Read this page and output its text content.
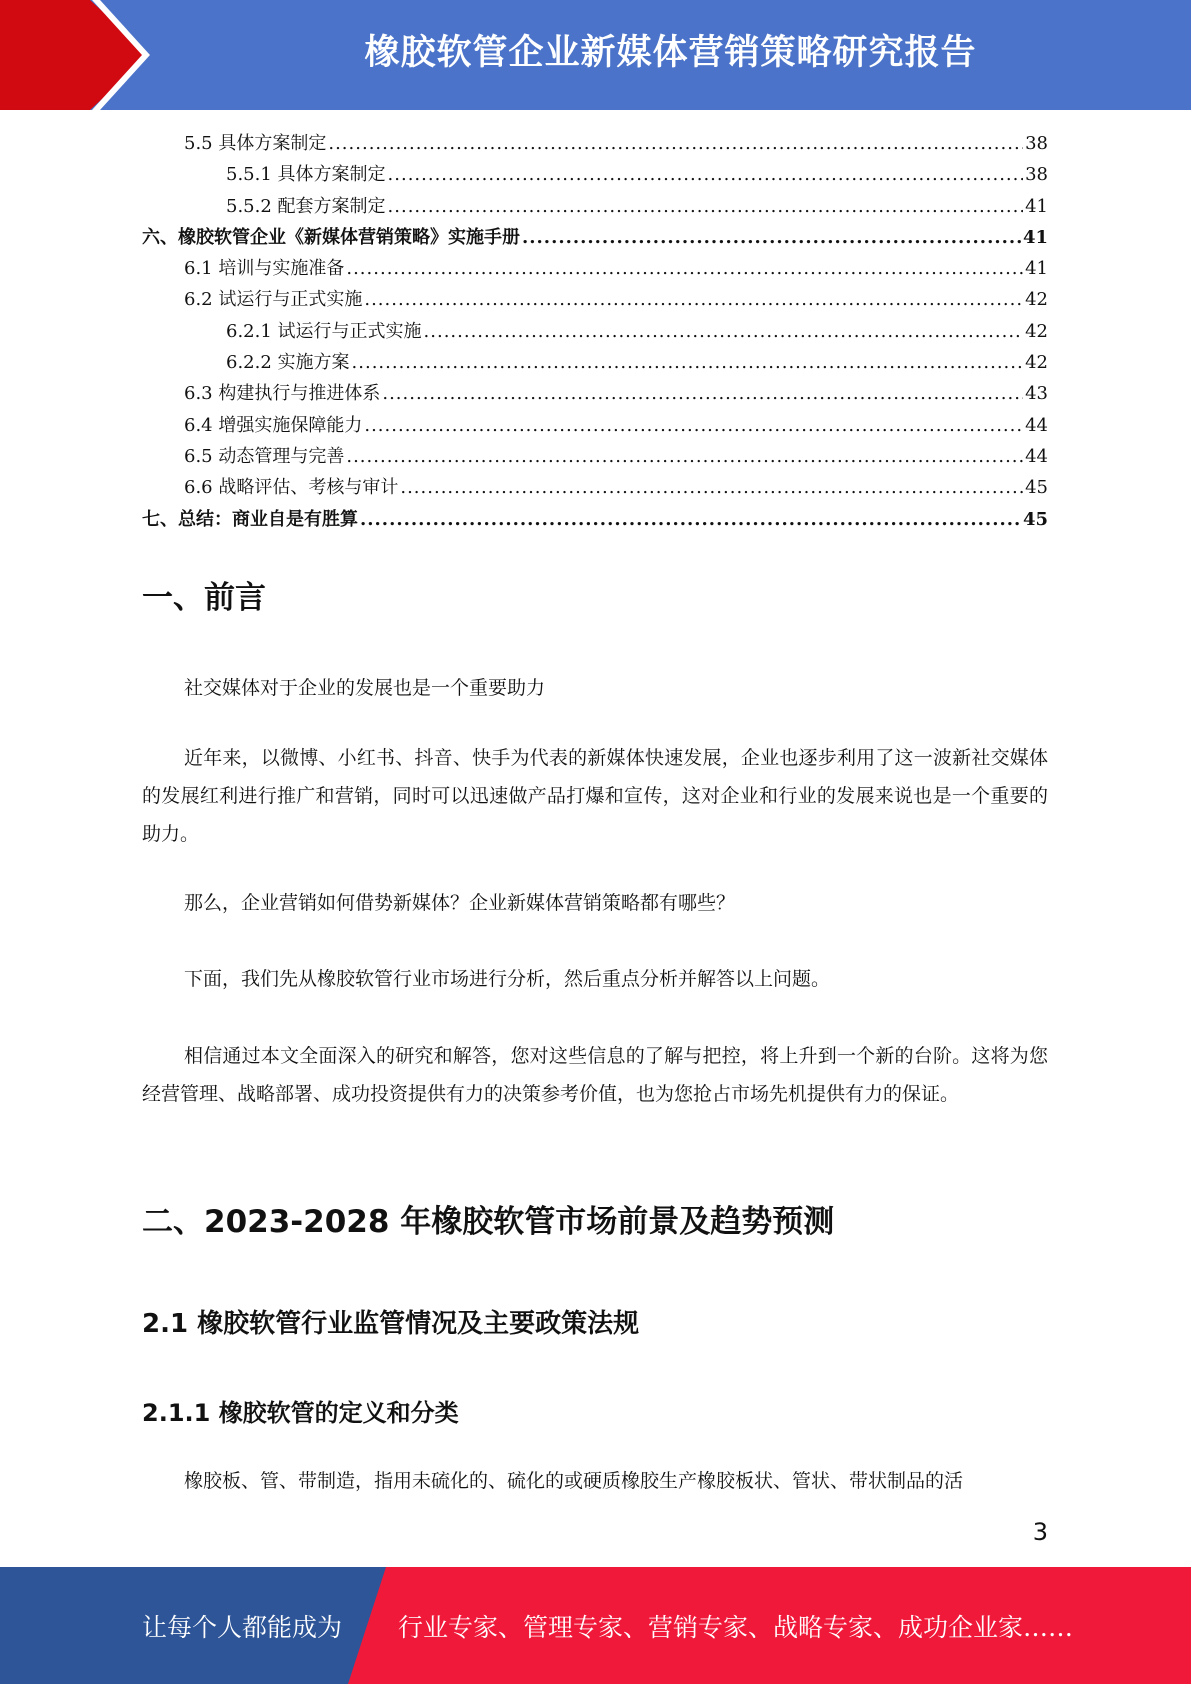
橡胶软管企业新媒体营销策略研究报告
5.5 具体方案制定 .....	38
5.5.1 具体方案制定 .....	38
5.5.2 配套方案制定 .....	41
六、橡胶软管企业《新媒体营销策略》实施手册 .....	41
6.1 培训与实施准备 .....	41
6.2 试运行与正式实施 .....	42
6.2.1 试运行与正式实施 .....	42
6.2.2 实施方案 .....	42
6.3 构建执行与推进体系 .....	43
6.4 增强实施保障能力 .....	44
6.5 动态管理与完善 .....	44
6.6 战略评估、考核与审计 .....	45
七、总结：商业自是有胜算 .....	45
一、前言

社交媒体对于企业的发展也是一个重要助力

近年来，以微博、小红书、抖音、快手为代表的新媒体快速发展，企业也逐步利用了这一波新社交媒体的发展红利进行推广和营销，同时可以迅速做产品打爆和宣传，这对企业和行业的发展来说也是一个重要的助力。

那么，企业营销如何借势新媒体？企业新媒体营销策略都有哪些？

下面，我们先从橡胶软管行业市场进行分析，然后重点分析并解答以上问题。

相信通过本文全面深入的研究和解答，您对这些信息的了解与把控，将上升到一个新的台阶。这将为您经营管理、战略部署、成功投资提供有力的决策参考价值，也为您抢占市场先机提供有力的保证。

二、2023-2028 年橡胶软管市场前景及趋势预测
2.1 橡胶软管行业监管情况及主要政策法规
2.1.1 橡胶软管的定义和分类

橡胶板、管、带制造，指用未硫化的、硫化的或硬质橡胶生产橡胶板状、管状、带状制品的活

3
让每个人都能成为 行业专家、管理专家、营销专家、战略专家、成功企业家……
